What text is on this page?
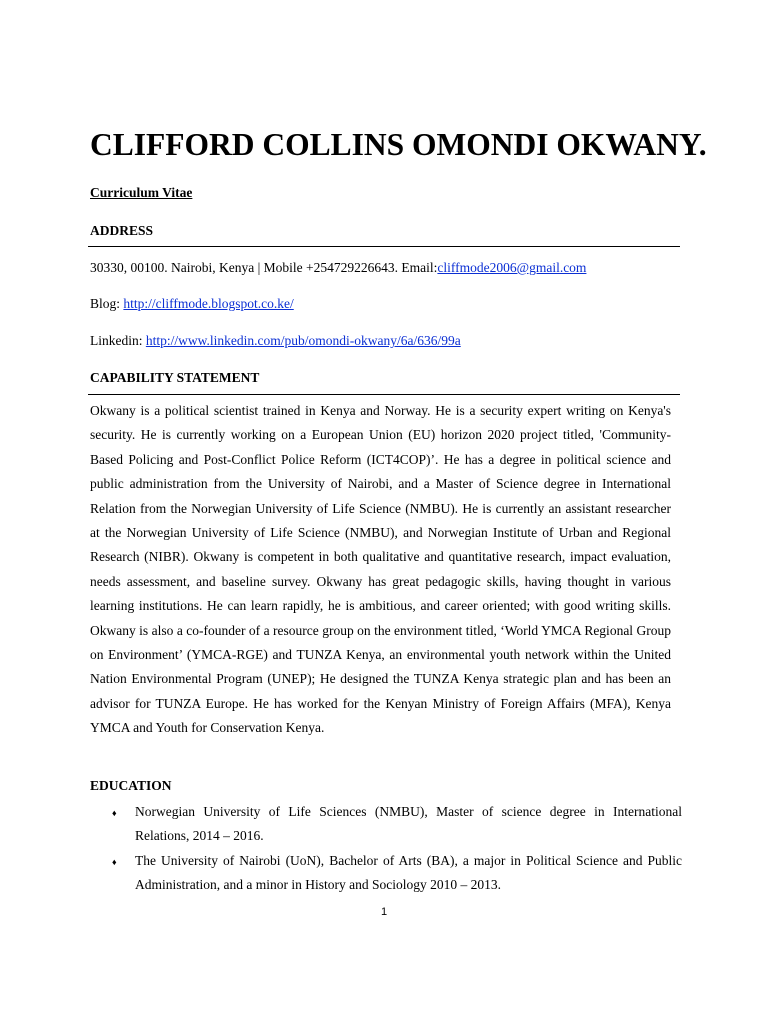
CLIFFORD COLLINS OMONDI OKWANY.
Curriculum Vitae
ADDRESS
30330, 00100. Nairobi, Kenya | Mobile +254729226643. Email:cliffmode2006@gmail.com
Blog: http://cliffmode.blogspot.co.ke/
Linkedin: http://www.linkedin.com/pub/omondi-okwany/6a/636/99a
CAPABILITY STATEMENT

Okwany is a political scientist trained in Kenya and Norway. He is a security expert writing on Kenya's security. He is currently working on a European Union (EU) horizon 2020 project titled, 'Community-Based Policing and Post-Conflict Police Reform (ICT4COP)’. He has a degree in political science and public administration from the University of Nairobi, and a Master of Science degree in International Relation from the Norwegian University of Life Science (NMBU). He is currently an assistant researcher at the Norwegian University of Life Science (NMBU), and Norwegian Institute of Urban and Regional Research (NIBR). Okwany is competent in both qualitative and quantitative research, impact evaluation, needs assessment, and baseline survey. Okwany has great pedagogic skills, having thought in various learning institutions. He can learn rapidly, he is ambitious, and career oriented; with good writing skills. Okwany is also a co-founder of a resource group on the environment titled, ‘World YMCA Regional Group on Environment’ (YMCA-RGE) and TUNZA Kenya, an environmental youth network within the United Nation Environmental Program (UNEP); He designed the TUNZA Kenya strategic plan and has been an advisor for TUNZA Europe. He has worked for the Kenyan Ministry of Foreign Affairs (MFA), Kenya YMCA and Youth for Conservation Kenya.

EDUCATION
♦ Norwegian University of Life Sciences (NMBU), Master of science degree in International Relations, 2014 – 2016.
♦ The University of Nairobi (UoN), Bachelor of Arts (BA), a major in Political Science and Public Administration, and a minor in History and Sociology 2010 – 2013.
1
